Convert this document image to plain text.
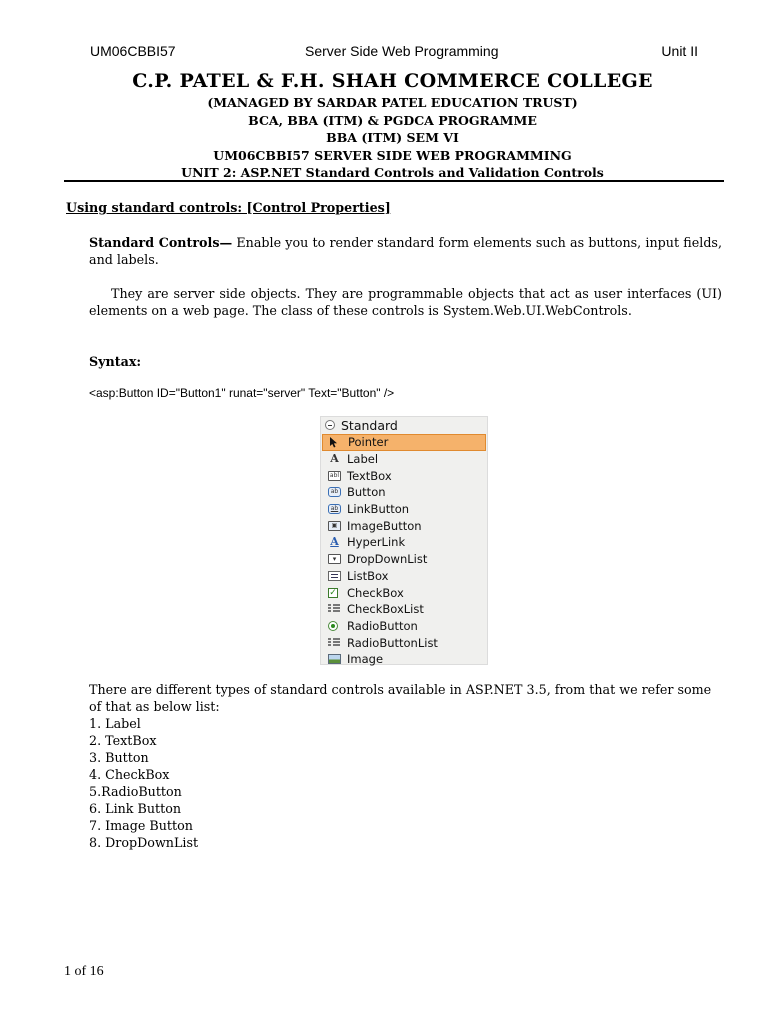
UM06CBBI57	Server Side Web Programming	Unit II
C.P. PATEL & F.H. SHAH COMMERCE COLLEGE
(MANAGED BY SARDAR PATEL EDUCATION TRUST)
BCA, BBA (ITM) & PGDCA PROGRAMME
BBA (ITM) SEM VI
UM06CBBI57 SERVER SIDE WEB PROGRAMMING
UNIT 2: ASP.NET Standard Controls and Validation Controls
Using standard controls: [Control Properties]
Standard Controls— Enable you to render standard form elements such as buttons, input fields, and labels.
They are server side objects. They are programmable objects that act as user interfaces (UI) elements on a web page. The class of these controls is System.Web.UI.WebControls.
Syntax:
<asp:Button ID="Button1" runat="server" Text="Button" />
Standard
Pointer
A Label
abl TextBox
ab Button
ab LinkButton
▣ ImageButton
A HyperLink
▾ DropDownList
ListBox
✓ CheckBox
CheckBoxList
RadioButton
RadioButtonList
Image
There are different types of standard controls available in ASP.NET 3.5, from that we refer some of that as below list:
1. Label
2. TextBox
3. Button
4. CheckBox
5.RadioButton
6. Link Button
7. Image Button
8. DropDownList
1 of 16
